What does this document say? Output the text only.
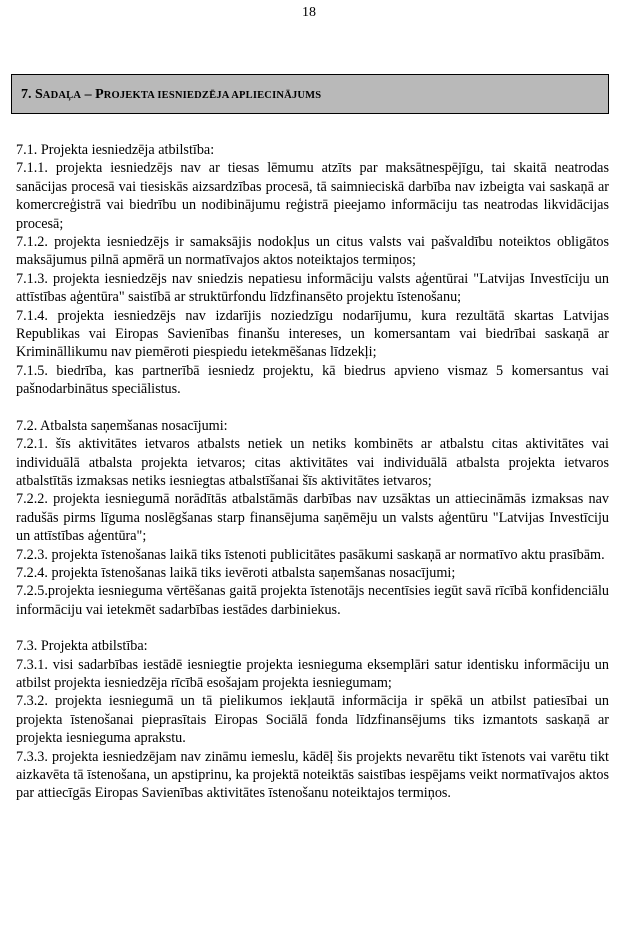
18
7. SADAĻA – PROJEKTA IESNIEDZĒJA APLIECINĀJUMS

7.1. Projekta iesniedzēja atbilstība:

7.1.1. projekta iesniedzējs nav ar tiesas lēmumu atzīts par maksātnespējīgu, tai skaitā neatrodas sanācijas procesā vai tiesiskās aizsardzības procesā, tā saimnieciskā darbība nav izbeigta vai saskaņā ar komercreģistrā vai biedrību un nodibinājumu reģistrā pieejamo informāciju tas neatrodas likvidācijas procesā;

7.1.2. projekta iesniedzējs ir samaksājis nodokļus un citus valsts vai pašvaldību noteiktos obligātos maksājumus pilnā apmērā un normatīvajos aktos noteiktajos termiņos;

7.1.3. projekta iesniedzējs nav sniedzis nepatiesu informāciju valsts aģentūrai "Latvijas Investīciju un attīstības aģentūra" saistībā ar struktūrfondu līdzfinansēto projektu īstenošanu;

7.1.4. projekta iesniedzējs nav izdarījis noziedzīgu nodarījumu, kura rezultātā skartas Latvijas Republikas vai Eiropas Savienības finanšu intereses, un komersantam vai biedrībai saskaņā ar Krimināllikumu nav piemēroti piespiedu ietekmēšanas līdzekļi;

7.1.5. biedrība, kas partnerībā iesniedz projektu, kā biedrus apvieno vismaz 5 komersantus vai pašnodarbinātus speciālistus.

7.2. Atbalsta saņemšanas nosacījumi:

7.2.1. šīs aktivitātes ietvaros atbalsts netiek un netiks kombinēts ar atbalstu citas aktivitātes vai individuālā atbalsta projekta ietvaros; citas aktivitātes vai individuālā atbalsta projekta ietvaros atbalstītās izmaksas netiks iesniegtas atbalstīšanai šīs aktivitātes ietvaros;

7.2.2. projekta iesniegumā norādītās atbalstāmās darbības nav uzsāktas un attiecināmās izmaksas nav radušās pirms līguma noslēgšanas starp finansējuma saņēmēju un valsts aģentūru "Latvijas Investīciju un attīstības aģentūra";

7.2.3. projekta īstenošanas laikā tiks īstenoti publicitātes pasākumi saskaņā ar normatīvo aktu prasībām.

7.2.4. projekta īstenošanas laikā tiks ievēroti atbalsta saņemšanas nosacījumi;

7.2.5.projekta iesnieguma vērtēšanas gaitā projekta īstenotājs necentīsies iegūt savā rīcībā konfidenciālu informāciju vai ietekmēt sadarbības iestādes darbiniekus.

7.3. Projekta atbilstība:

7.3.1. visi sadarbības iestādē iesniegtie projekta iesnieguma eksemplāri satur identisku informāciju un atbilst projekta iesniedzēja rīcībā esošajam projekta iesniegumam;

7.3.2. projekta iesniegumā un tā pielikumos iekļautā informācija ir spēkā un atbilst patiesībai un projekta īstenošanai pieprasītais Eiropas Sociālā fonda līdzfinansējums tiks izmantots saskaņā ar projekta iesnieguma aprakstu.

7.3.3. projekta iesniedzējam nav zināmu iemeslu, kādēļ šis projekts nevarētu tikt īstenots vai varētu tikt aizkavēta tā īstenošana, un apstiprinu, ka projektā noteiktās saistības iespējams veikt normatīvajos aktos par attiecīgās Eiropas Savienības aktivitātes īstenošanu noteiktajos termiņos.
